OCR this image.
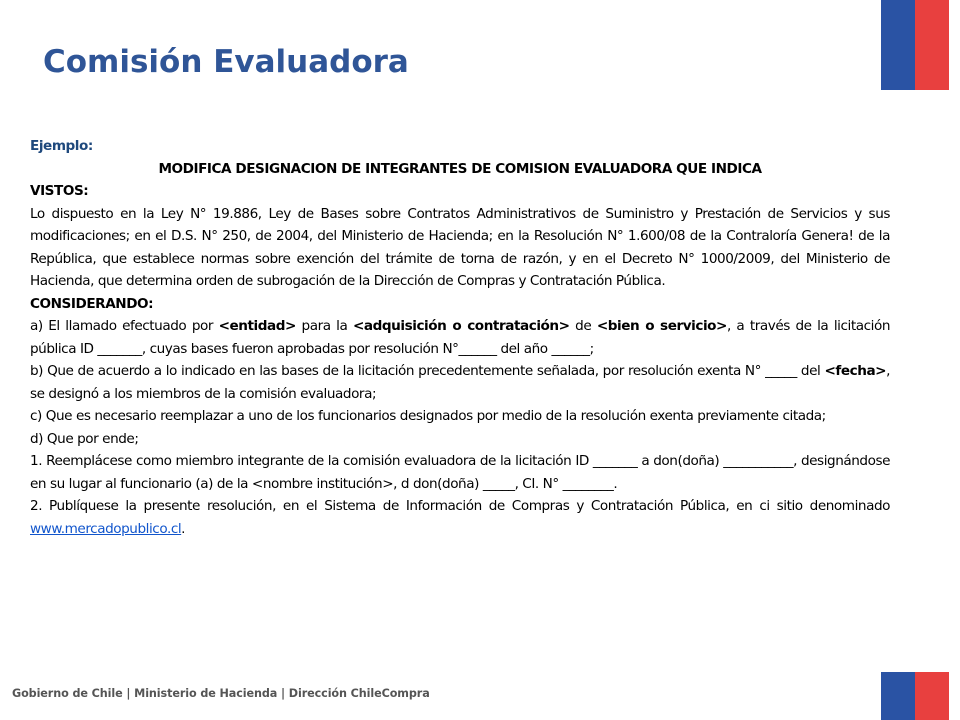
Comisión Evaluadora

Ejemplo:

MODIFICA DESIGNACION DE INTEGRANTES DE COMISION EVALUADORA QUE INDICA

VISTOS:

Lo dispuesto en la Ley N° 19.886, Ley de Bases sobre Contratos Administrativos de Suministro y Prestación de Servicios y sus modificaciones; en el D.S. N° 250, de 2004, del Ministerio de Hacienda; en la Resolución N° 1.600/08 de la Contraloría Genera! de la República, que establece normas sobre exención del trámite de torna de razón, y en el Decreto N° 1000/2009, del Ministerio de Hacienda, que determina orden de subrogación de la Dirección de Compras y Contratación Pública.

CONSIDERANDO:

a) El llamado efectuado por <entidad> para la <adquisición o contratación> de <bien o servicio>, a través de la licitación pública ID _______, cuyas bases fueron aprobadas por resolución N°______ del año ______;

b) Que de acuerdo a lo indicado en las bases de la licitación precedentemente señalada, por resolución exenta N° _____ del <fecha>, se designó a los miembros de la comisión evaluadora;

c) Que es necesario reemplazar a uno de los funcionarios designados por medio de la resolución exenta previamente citada;

d) Que por ende;

1. Reemplácese como miembro integrante de la comisión evaluadora de la licitación ID _______ a don(doña) ___________, designándose en su lugar al funcionario (a) de la <nombre institución>, d don(doña) _____, CI. N° ________.

2. Publíquese la presente resolución, en el Sistema de Información de Compras y Contratación Pública, en ci sitio denominado www.mercadopublico.cl.

Gobierno de Chile | Ministerio de Hacienda | Dirección ChileCompra
